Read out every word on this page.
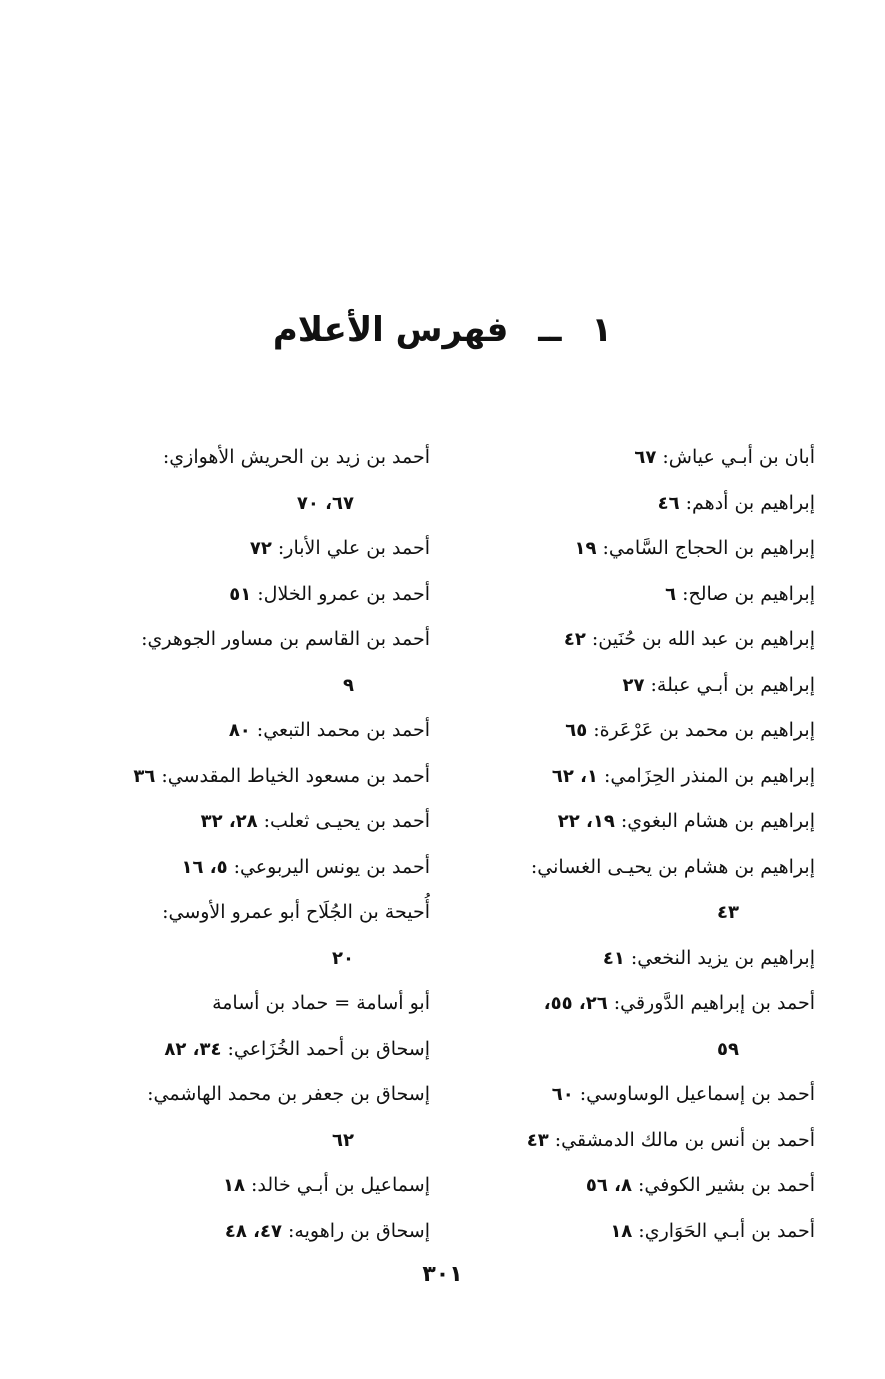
١ ــ فهرس الأعلام
أبان بن أبـي عياش:٦٧
إبراهيم بن أدهم:٤٦
إبراهيم بن الحجاج السَّامي:١٩
إبراهيم بن صالح:٦
إبراهيم بن عبد الله بن حُنَين:٤٢
إبراهيم بن أبـي عبلة:٢٧
إبراهيم بن محمد بن عَرْعَرة:٦٥
إبراهيم بن المنذر الحِزَامي:١، ٦٢
إبراهيم بن هشام البغوي:١٩، ٢٢
إبراهيم بن هشام بن يحيـى الغساني:
٤٣
إبراهيم بن يزيد النخعي:٤١
أحمد بن إبراهيم الدَّورقي:٢٦، ٥٥،
٥٩
أحمد بن إسماعيل الوساوسي:٦٠
أحمد بن أنس بن مالك الدمشقي:٤٣
أحمد بن بشير الكوفي:٨، ٥٦
أحمد بن أبـي الحَوَاري:١٨
أحمد بن زيد بن الحريش الأهوازي:
٦٧، ٧٠
أحمد بن علي الأبار:٧٢
أحمد بن عمرو الخلال:٥١
أحمد بن القاسم بن مساور الجوهري:
٩
أحمد بن محمد التبعي:٨٠
أحمد بن مسعود الخياط المقدسي:٣٦
أحمد بن يحيـى ثعلب:٢٨، ٣٢
أحمد بن يونس اليربوعي:٥، ١٦
أُحيحة بن الجُلَاح أبو عمرو الأوسي:
٢٠
أبو أسامة = حماد بن أسامة
إسحاق بن أحمد الخُزَاعي:٣٤، ٨٢
إسحاق بن جعفر بن محمد الهاشمي:
٦٢
إسماعيل بن أبـي خالد:١٨
إسحاق بن راهويه:٤٧، ٤٨
٣٠١
